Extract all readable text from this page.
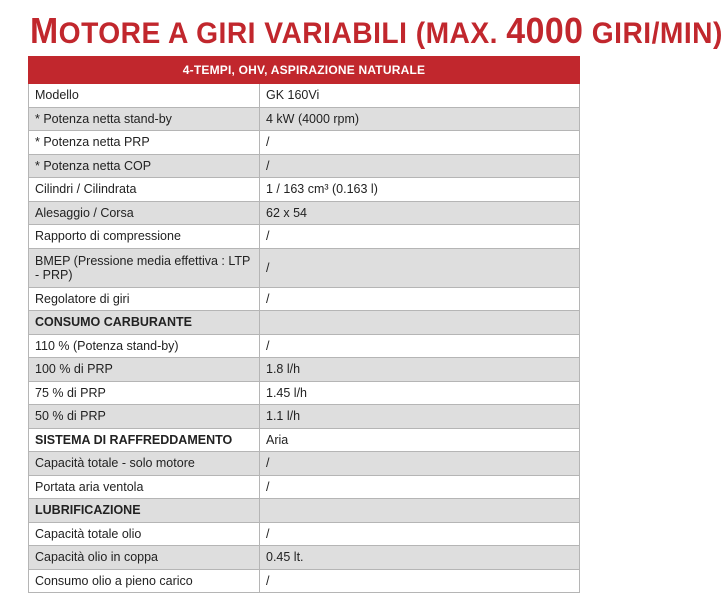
MOTORE A GIRI VARIABILI (MAX. 4000 GIRI/MIN)
4-TEMPI, OHV, ASPIRAZIONE NATURALE	
Modello	GK 160Vi
* Potenza netta stand-by	4 kW (4000 rpm)
* Potenza netta PRP	/
* Potenza netta COP	/
Cilindri / Cilindrata	1 / 163 cm³ (0.163 l)
Alesaggio / Corsa	62 x 54
Rapporto di compressione	/
BMEP (Pressione media effettiva : LTP - PRP)	/
Regolatore di giri	/
CONSUMO CARBURANTE	
110 % (Potenza stand-by)	/
100 % di PRP	1.8 l/h
75 % di PRP	1.45 l/h
50 % di PRP	1.1 l/h
SISTEMA DI RAFFREDDAMENTO	Aria
Capacità totale - solo motore	/
Portata aria ventola	/
LUBRIFICAZIONE	
Capacità totale olio	/
Capacità olio in coppa	0.45 lt.
Consumo olio a pieno carico	/
